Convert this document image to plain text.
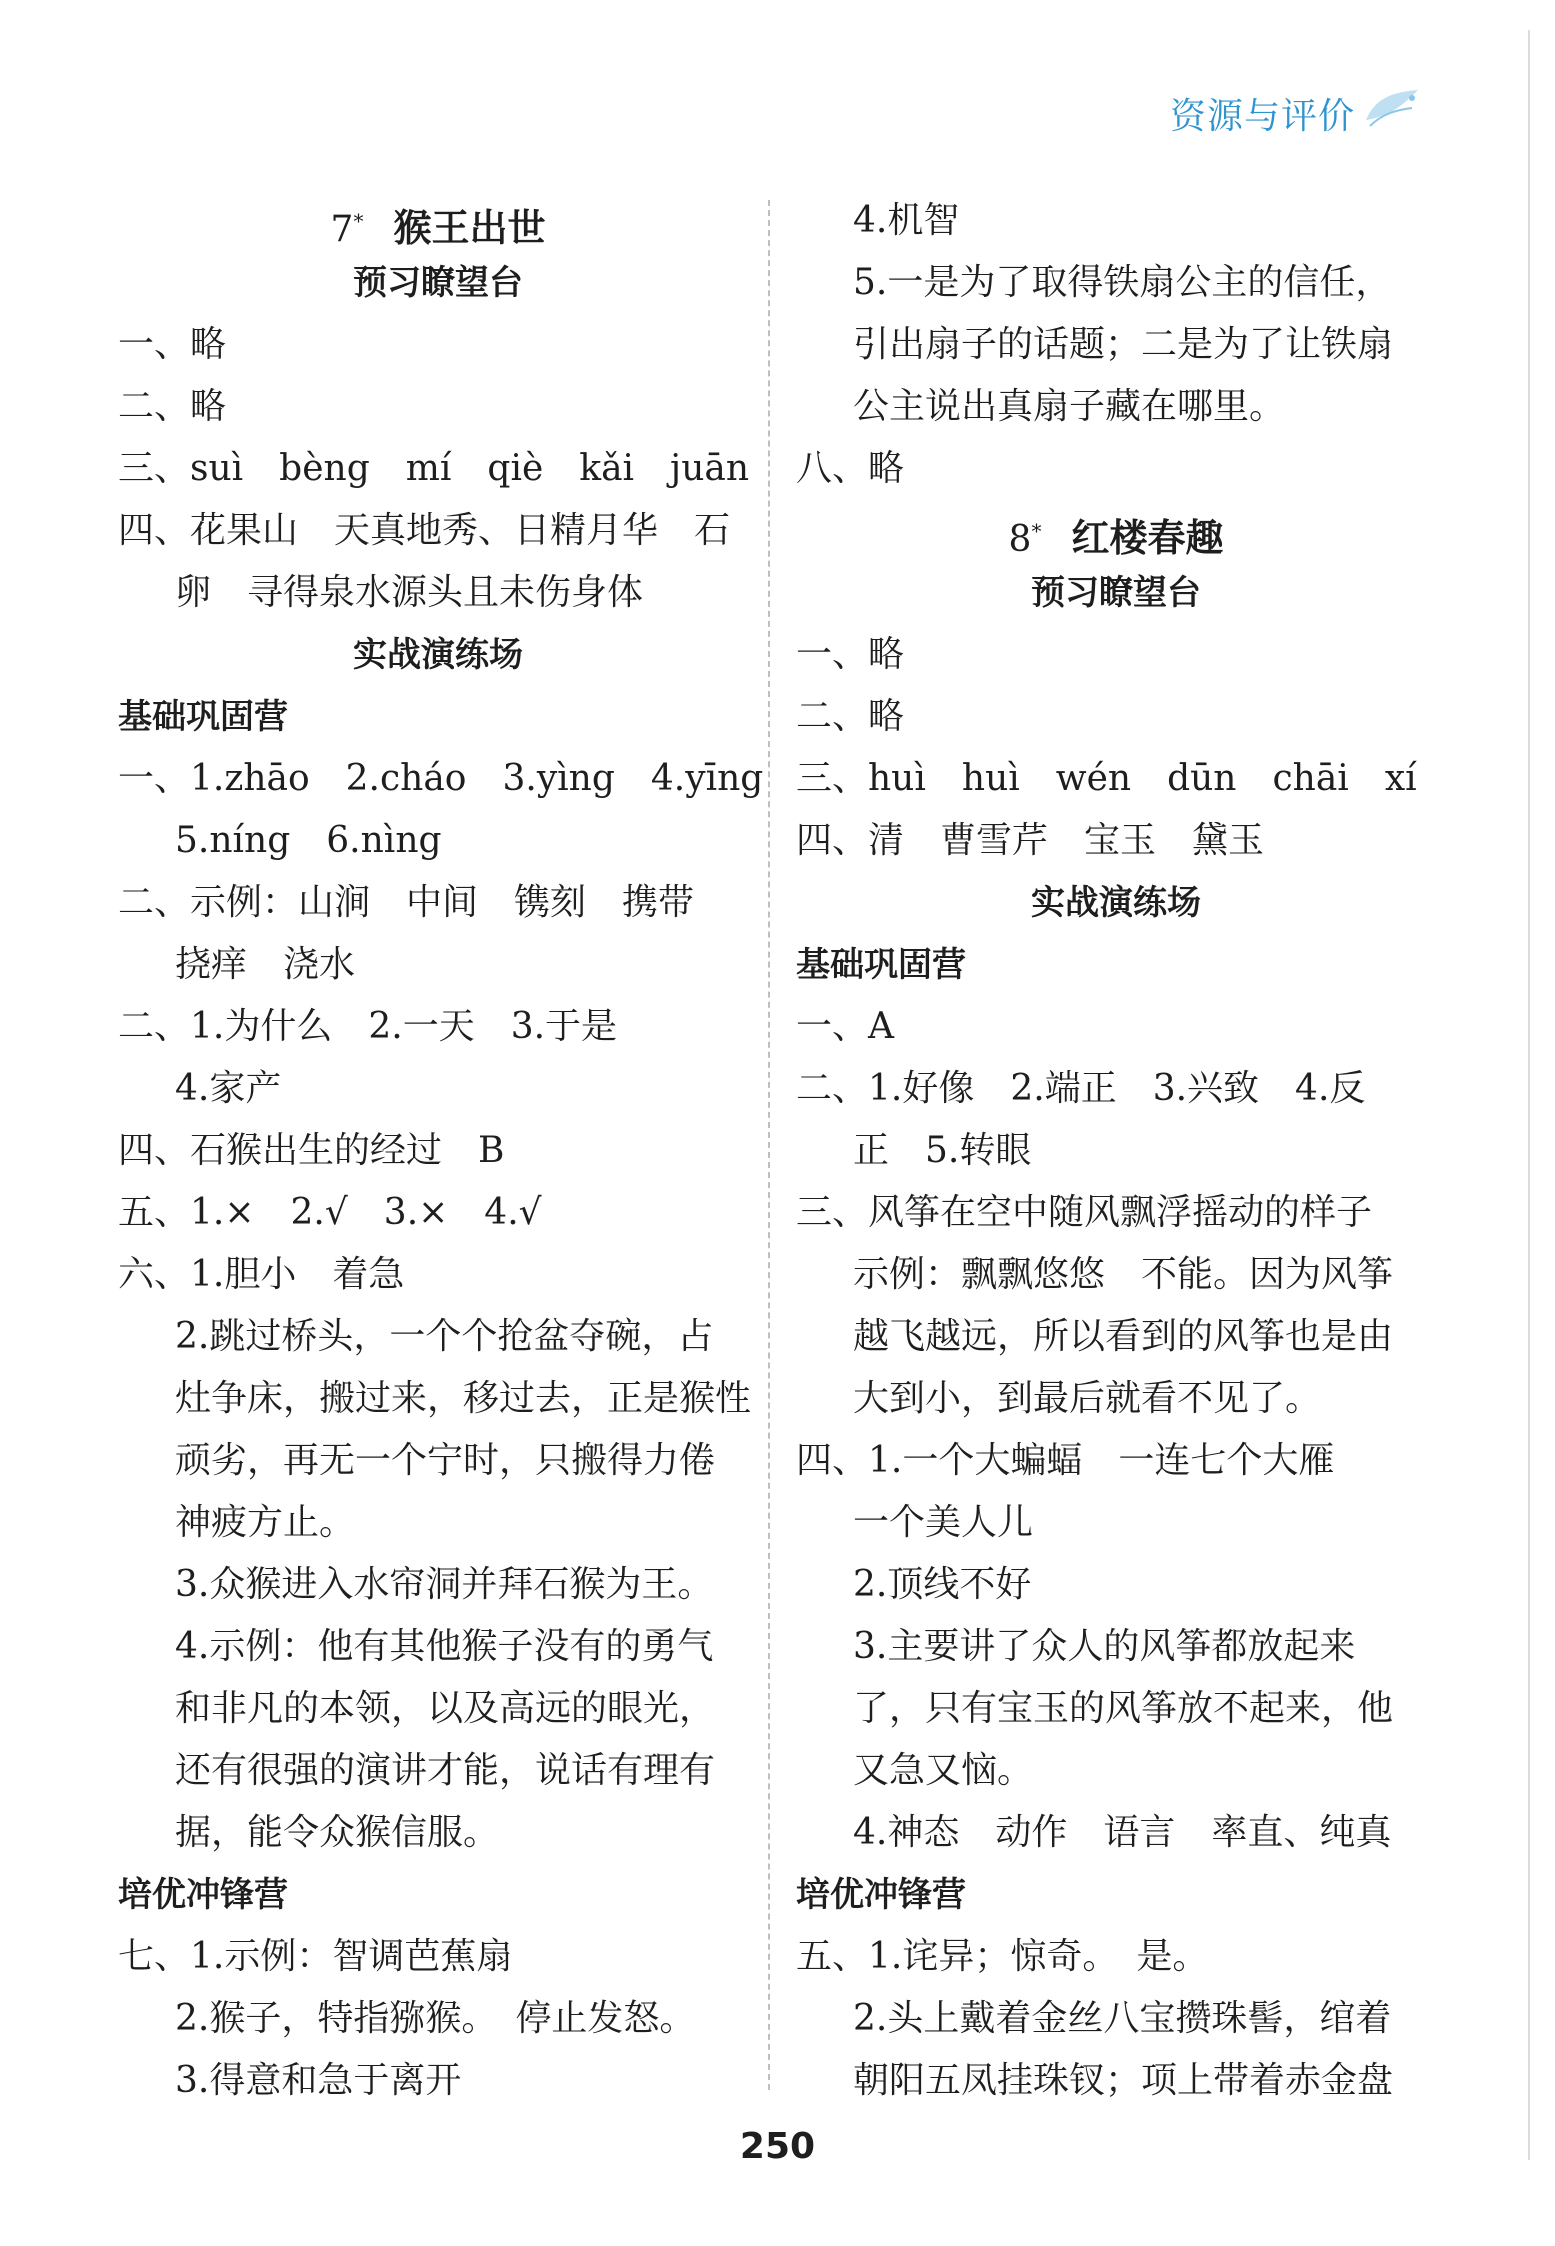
资源与评价
7* 猴王出世
预习瞭望台
一、略
二、略
三、suì　bèng　mí　qiè　kǎi　juān
四、花果山　天真地秀、日精月华　石
卵　寻得泉水源头且未伤身体
实战演练场
基础巩固营
一、1.zhāo　2.cháo　3.yìng　4.yīng
5.níng　6.nìng
二、示例：山涧　中间　镌刻　携带
挠痒　浇水
二、1.为什么　2.一天　3.于是
4.家产
四、石猴出生的经过　B
五、1.×　2.√　3.×　4.√
六、1.胆小　着急
2.跳过桥头，一个个抢盆夺碗，占
灶争床，搬过来，移过去，正是猴性
顽劣，再无一个宁时，只搬得力倦
神疲方止。
3.众猴进入水帘洞并拜石猴为王。
4.示例：他有其他猴子没有的勇气
和非凡的本领，以及高远的眼光，
还有很强的演讲才能，说话有理有
据，能令众猴信服。
培优冲锋营
七、1.示例：智调芭蕉扇
2.猴子，特指猕猴。　停止发怒。
3.得意和急于离开
4.机智
5.一是为了取得铁扇公主的信任，
引出扇子的话题；二是为了让铁扇
公主说出真扇子藏在哪里。
八、略
8* 红楼春趣
预习瞭望台
一、略
二、略
三、huì　huì　wén　dūn　chāi　xí
四、清　曹雪芹　宝玉　黛玉
实战演练场
基础巩固营
一、A
二、1.好像　2.端正　3.兴致　4.反
正　5.转眼
三、风筝在空中随风飘浮摇动的样子
示例：飘飘悠悠　不能。因为风筝
越飞越远，所以看到的风筝也是由
大到小，到最后就看不见了。
四、1.一个大蝙蝠　一连七个大雁
一个美人儿
2.顶线不好
3.主要讲了众人的风筝都放起来
了，只有宝玉的风筝放不起来，他
又急又恼。
4.神态　动作　语言　率直、纯真
培优冲锋营
五、1.诧异；惊奇。　是。
2.头上戴着金丝八宝攒珠髻，绾着
朝阳五凤挂珠钗；项上带着赤金盘
250
